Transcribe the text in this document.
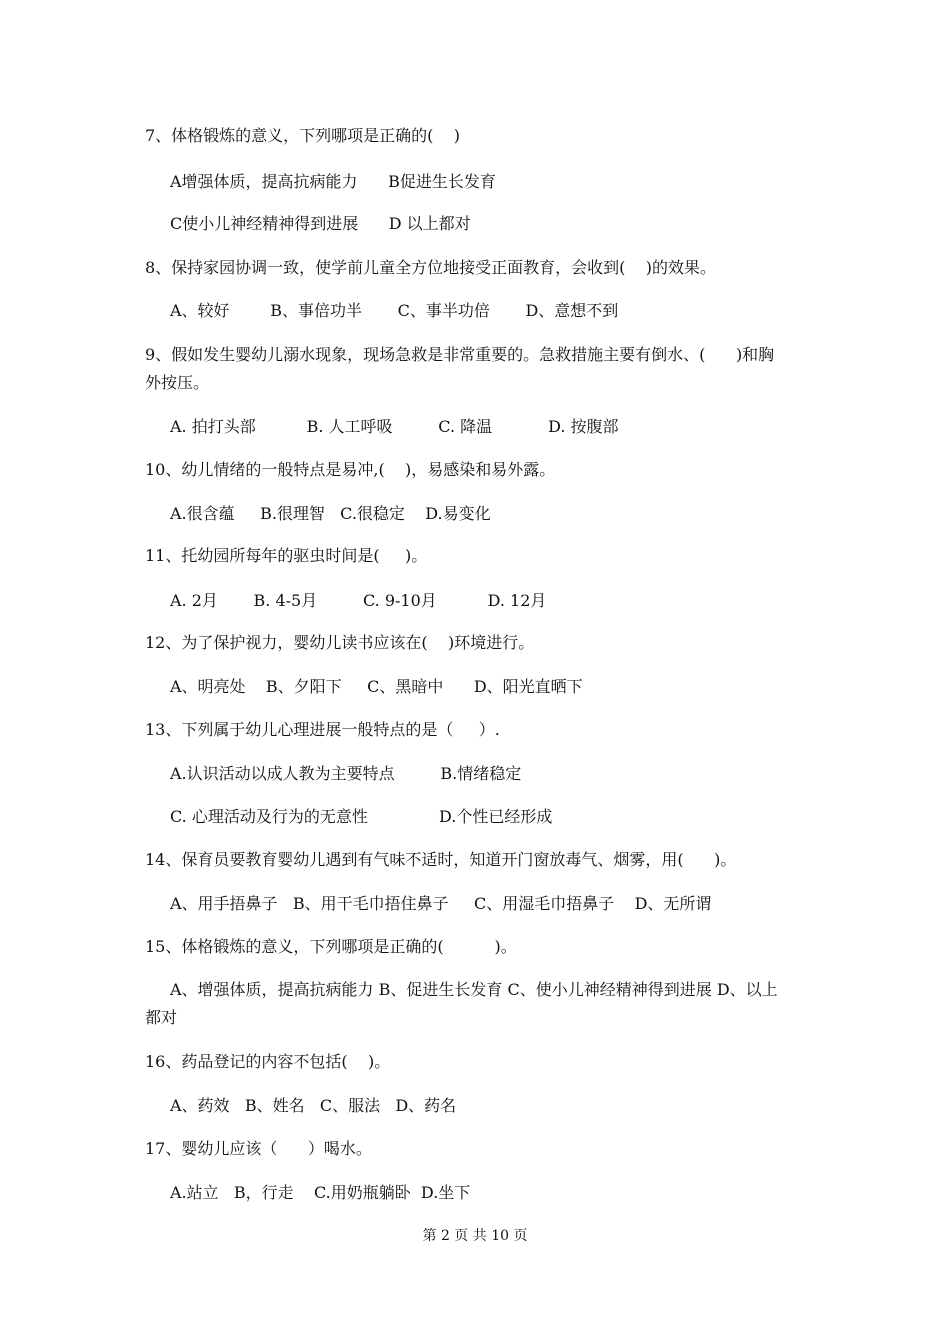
7、体格锻炼的意义，下列哪项是正确的(    )
A增强体质，提高抗病能力      B促进生长发育
C使小儿神经精神得到进展      D 以上都对
8、保持家园协调一致，使学前儿童全方位地接受正面教育，会收到(    )的效果。
A、较好        B、事倍功半       C、事半功倍       D、意想不到
9、假如发生婴幼儿溺水现象，现场急救是非常重要的。急救措施主要有倒水、(      )和胸
外按压。
A. 拍打头部          B. 人工呼吸         C. 降温           D. 按腹部
10、幼儿情绪的一般特点是易冲,(    )，易感染和易外露。
A.很含蕴     B.很理智   C.很稳定    D.易变化
11、托幼园所每年的驱虫时间是(     )。
A. 2月       B. 4-5月         C. 9-10月          D. 12月
12、为了保护视力，婴幼儿读书应该在(    )环境进行。
A、明亮处    B、夕阳下     C、黑暗中      D、阳光直晒下
13、下列属于幼儿心理进展一般特点的是（     ）.
A.认识活动以成人教为主要特点         B.情绪稳定
C. 心理活动及行为的无意性              D.个性已经形成
14、保育员要教育婴幼儿遇到有气味不适时，知道开门窗放毒气、烟雾，用(      )。
A、用手捂鼻子   B、用干毛巾捂住鼻子     C、用湿毛巾捂鼻子    D、无所谓
15、体格锻炼的意义，下列哪项是正确的(          )。
A、增强体质，提高抗病能力 B、促进生长发育 C、使小儿神经精神得到进展 D、以上
都对
16、药品登记的内容不包括(    )。
A、药效   B、姓名   C、服法   D、药名
17、婴幼儿应该（      ）喝水。
A.站立   B，行走    C.用奶瓶躺卧  D.坐下
第 2 页 共 10 页
